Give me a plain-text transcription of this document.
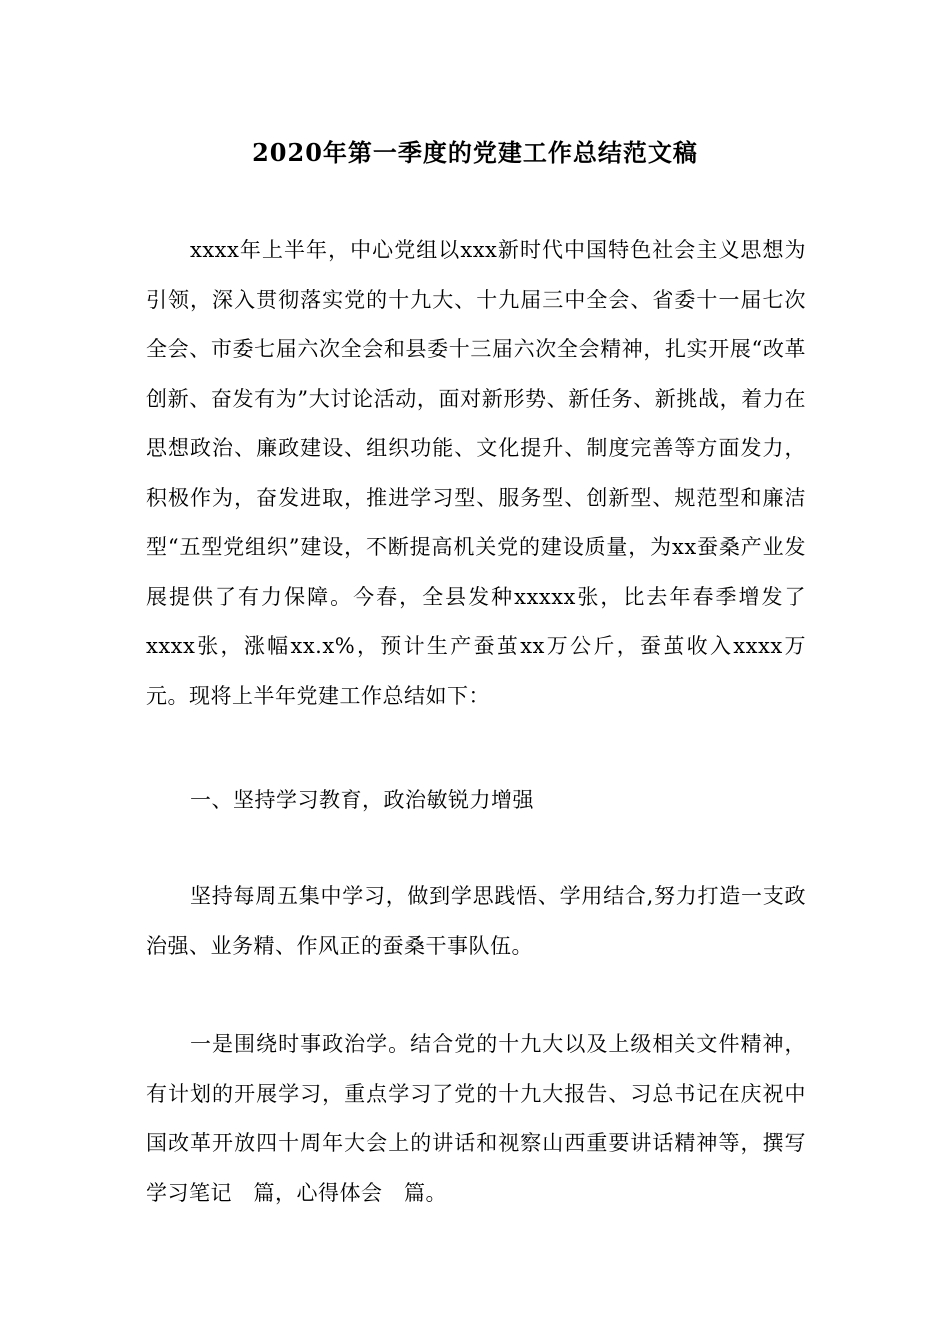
2020年第一季度的党建工作总结范文稿

xxxx年上半年，中心党组以xxx新时代中国特色社会主义思想为引领，深入贯彻落实党的十九大、十九届三中全会、省委十一届七次全会、市委七届六次全会和县委十三届六次全会精神，扎实开展“改革创新、奋发有为”大讨论活动，面对新形势、新任务、新挑战，着力在思想政治、廉政建设、组织功能、文化提升、制度完善等方面发力，积极作为，奋发进取，推进学习型、服务型、创新型、规范型和廉洁型“五型党组织”建设，不断提高机关党的建设质量，为xx蚕桑产业发展提供了有力保障。今春，全县发种xxxxx张，比去年春季增发了xxxx张，涨幅xx.x%，预计生产蚕茧xx万公斤，蚕茧收入xxxx万元。现将上半年党建工作总结如下：

一、坚持学习教育，政治敏锐力增强

坚持每周五集中学习，做到学思践悟、学用结合,努力打造一支政治强、业务精、作风正的蚕桑干事队伍。

一是围绕时事政治学。结合党的十九大以及上级相关文件精神，有计划的开展学习，重点学习了党的十九大报告、习总书记在庆祝中国改革开放四十周年大会上的讲话和视察山西重要讲话精神等，撰写学习笔记　篇，心得体会　篇。
